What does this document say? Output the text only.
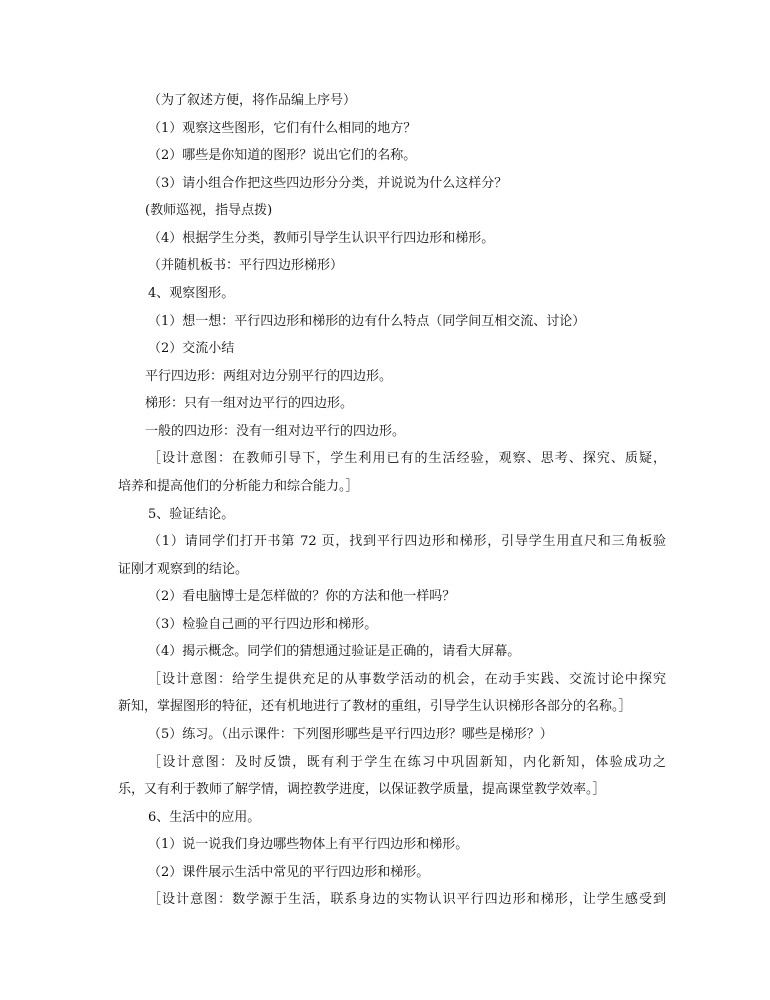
（为了叙述方便，将作品编上序号）
（1）观察这些图形，它们有什么相同的地方？
（2）哪些是你知道的图形？说出它们的名称。
（3）请小组合作把这些四边形分分类，并说说为什么这样分？
(教师巡视，指导点拨)
（4）根据学生分类，教师引导学生认识平行四边形和梯形。
（并随机板书：平行四边形梯形）
4、观察图形。
（1）想一想：平行四边形和梯形的边有什么特点（同学间互相交流、讨论）
（2）交流小结
平行四边形：两组对边分别平行的四边形。
梯形：只有一组对边平行的四边形。
一般的四边形：没有一组对边平行的四边形。
［设计意图：在教师引导下，学生利用已有的生活经验，观察、思考、探究、质疑，
培养和提高他们的分析能力和综合能力。］
5、验证结论。
（1）请同学们打开书第 72 页，找到平行四边形和梯形，引导学生用直尺和三角板验
证刚才观察到的结论。
（2）看电脑博士是怎样做的？你的方法和他一样吗？
（3）检验自己画的平行四边形和梯形。
（4）揭示概念。同学们的猜想通过验证是正确的，请看大屏幕。
［设计意图：给学生提供充足的从事数学活动的机会，在动手实践、交流讨论中探究
新知，掌握图形的特征，还有机地进行了教材的重组，引导学生认识梯形各部分的名称。］
（5）练习。（出示课件：下列图形哪些是平行四边形？哪些是梯形？）
［设计意图：及时反馈，既有利于学生在练习中巩固新知，内化新知，体验成功之
乐，又有利于教师了解学情，调控教学进度，以保证教学质量，提高课堂教学效率。］
6、生活中的应用。
（1）说一说我们身边哪些物体上有平行四边形和梯形。
（2）课件展示生活中常见的平行四边形和梯形。
［设计意图：数学源于生活，联系身边的实物认识平行四边形和梯形，让学生感受到
